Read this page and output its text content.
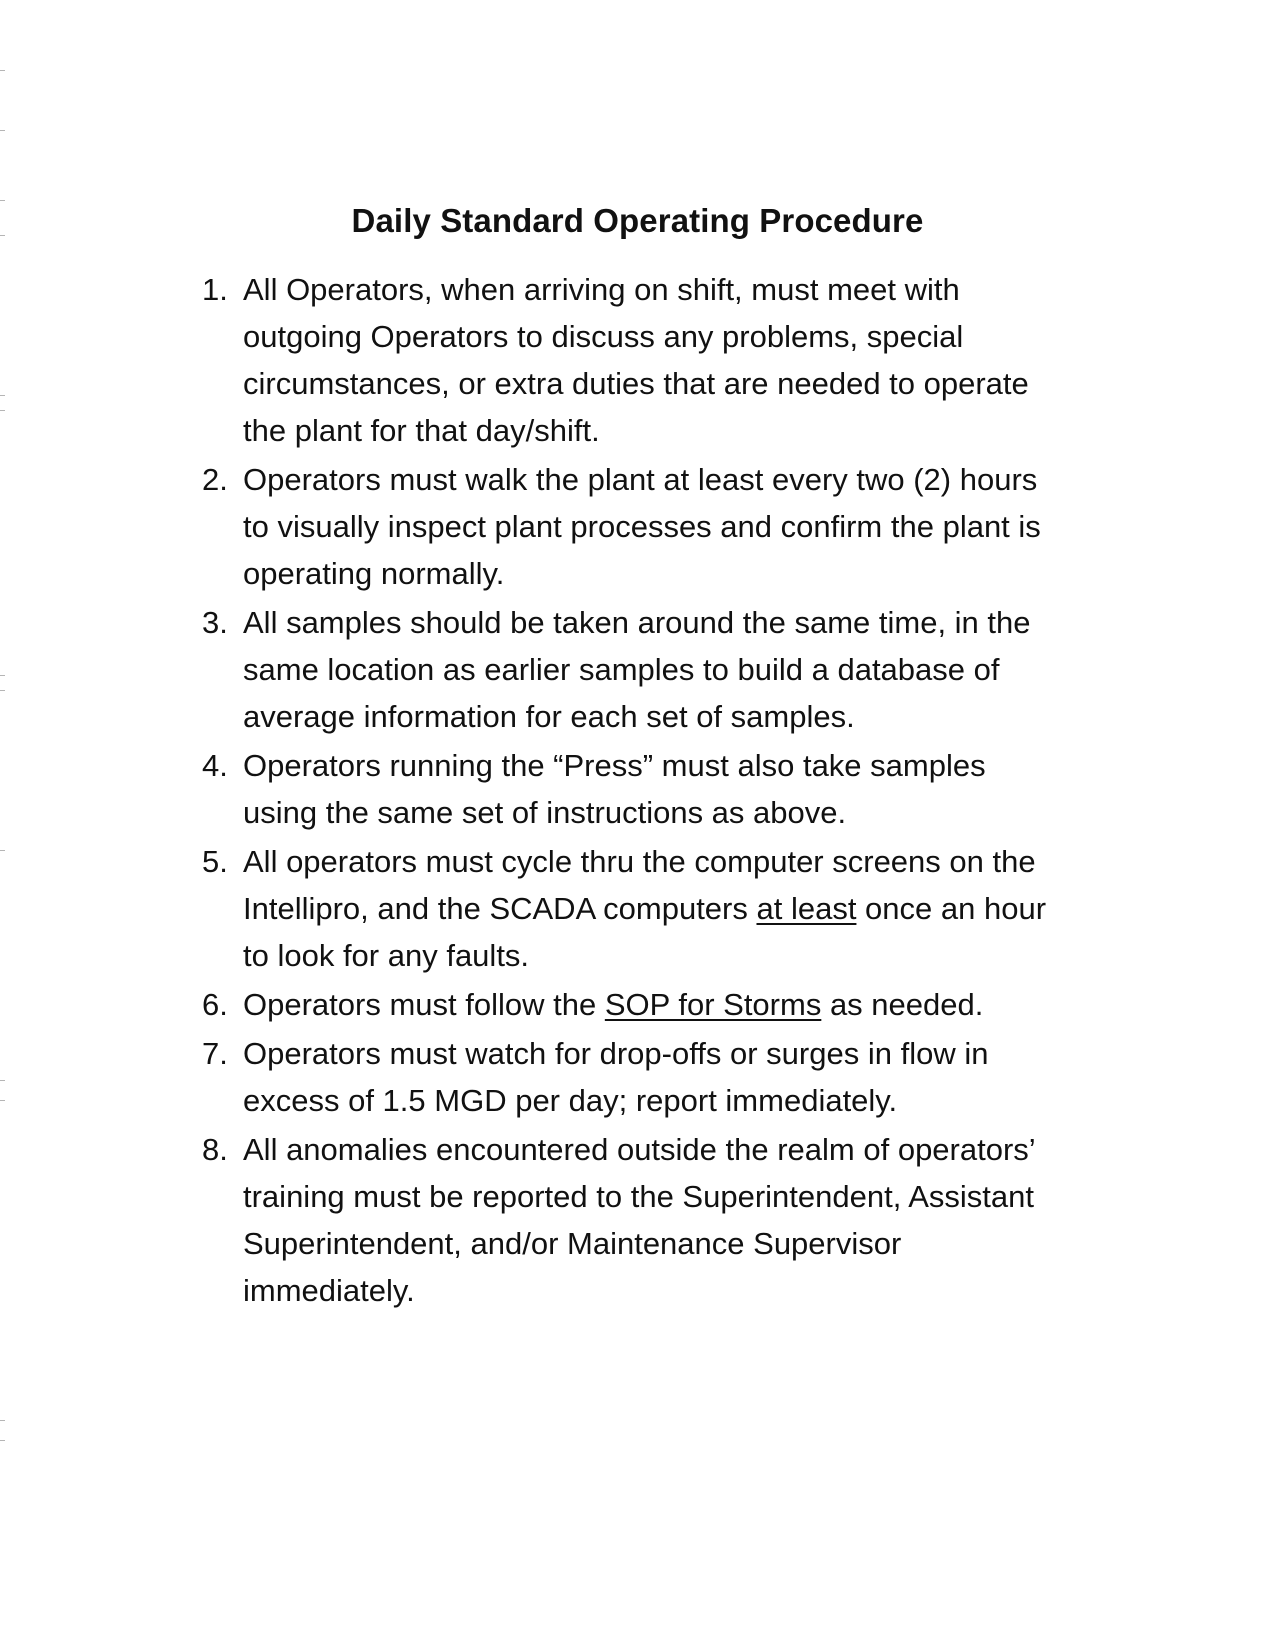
Daily Standard Operating Procedure
1. All Operators, when arriving on shift, must meet with
outgoing Operators to discuss any problems, special
circumstances, or extra duties that are needed to operate
the plant for that day/shift.
2. Operators must walk the plant at least every two (2) hours
to visually inspect plant processes and confirm the plant is
operating normally.
3. All samples should be taken around the same time, in the
same location as earlier samples to build a database of
average information for each set of samples.
4. Operators running the “Press” must also take samples
using the same set of instructions as above.
5. All operators must cycle thru the computer screens on the
Intellipro, and the SCADA computers at least once an hour
to look for any faults.
6. Operators must follow the SOP for Storms as needed.
7. Operators must watch for drop-offs or surges in flow in
excess of 1.5 MGD per day; report immediately.
8. All anomalies encountered outside the realm of operators’
training must be reported to the Superintendent, Assistant
Superintendent, and/or Maintenance Supervisor
immediately.
